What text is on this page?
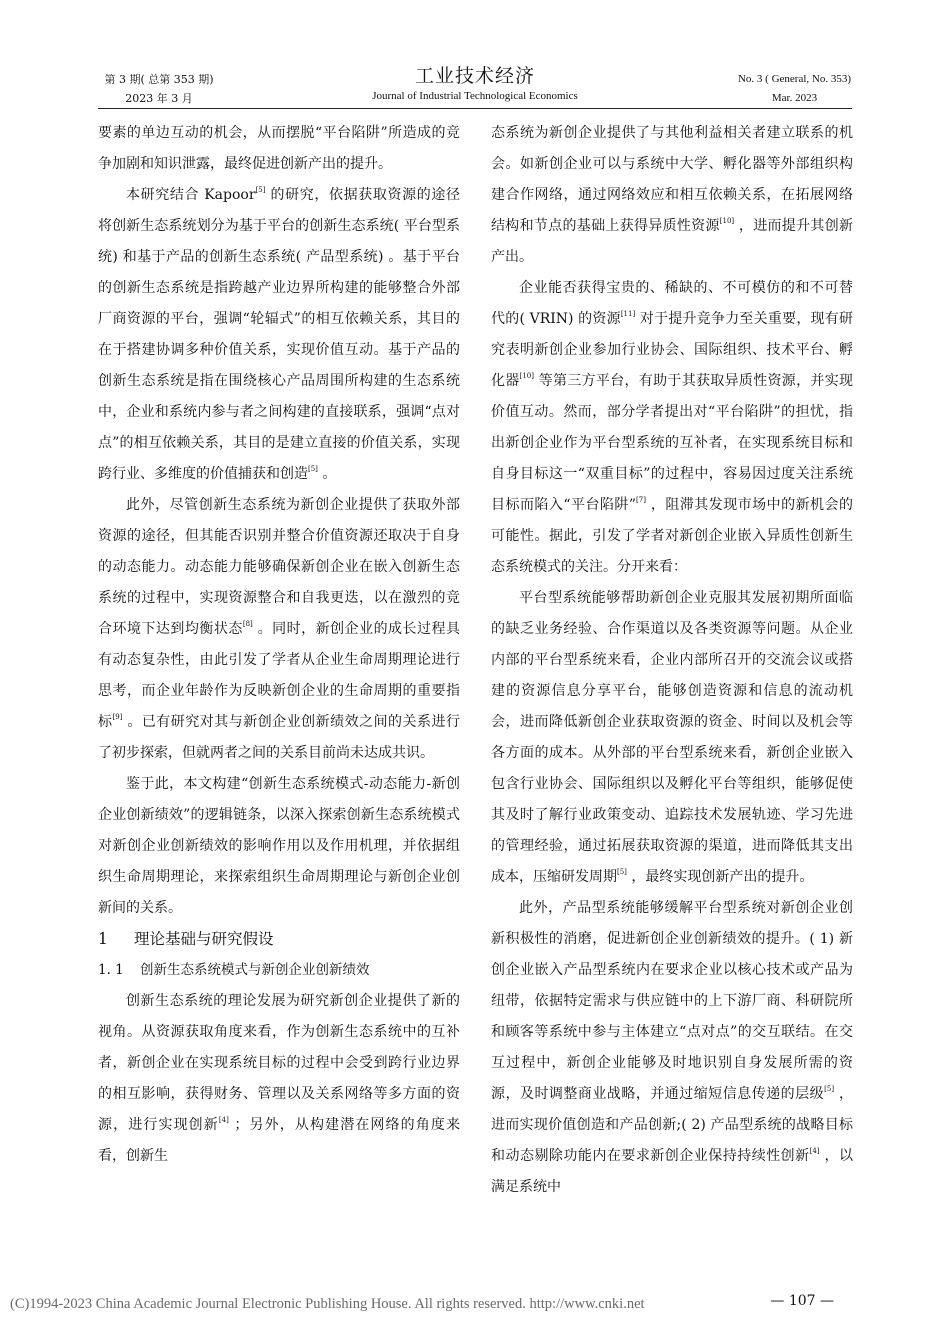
第 3 期( 总第 353 期)
2023 年 3 月
工业技术经济
Journal of Industrial Technological Economics
No. 3 ( General, No. 353)
Mar. 2023

要素的单边互动的机会，从而摆脱“平台陷阱”所造成的竞争加剧和知识泄露，最终促进创新产出的提升。

本研究结合 Kapoor[5] 的研究，依据获取资源的途径将创新生态系统划分为基于平台的创新生态系统( 平台型系统) 和基于产品的创新生态系统( 产品型系统) 。基于平台的创新生态系统是指跨越产业边界所构建的能够整合外部厂商资源的平台，强调“轮辐式”的相互依赖关系，其目的在于搭建协调多种价值关系，实现价值互动。基于产品的创新生态系统是指在围绕核心产品周围所构建的生态系统中，企业和系统内参与者之间构建的直接联系，强调“点对点”的相互依赖关系，其目的是建立直接的价值关系，实现跨行业、多维度的价值捕获和创造[5] 。

此外，尽管创新生态系统为新创企业提供了获取外部资源的途径，但其能否识别并整合价值资源还取决于自身的动态能力。动态能力能够确保新创企业在嵌入创新生态系统的过程中，实现资源整合和自我更迭，以在激烈的竞合环境下达到均衡状态[8] 。同时，新创企业的成长过程具有动态复杂性，由此引发了学者从企业生命周期理论进行思考，而企业年龄作为反映新创企业的生命周期的重要指标[9] 。已有研究对其与新创企业创新绩效之间的关系进行了初步探索，但就两者之间的关系目前尚未达成共识。

鉴于此，本文构建“创新生态系统模式-动态能力-新创企业创新绩效”的逻辑链条，以深入探索创新生态系统模式对新创企业创新绩效的影响作用以及作用机理，并依据组织生命周期理论，来探索组织生命周期理论与新创企业创新间的关系。

1 理论基础与研究假设

1. 1 创新生态系统模式与新创企业创新绩效

创新生态系统的理论发展为研究新创企业提供了新的视角。从资源获取角度来看，作为创新生态系统中的互补者，新创企业在实现系统目标的过程中会受到跨行业边界的相互影响，获得财务、管理以及关系网络等多方面的资源，进行实现创新[4] ；另外，从构建潜在网络的角度来看，创新生

态系统为新创企业提供了与其他利益相关者建立联系的机会。如新创企业可以与系统中大学、孵化器等外部组织构建合作网络，通过网络效应和相互依赖关系，在拓展网络结构和节点的基础上获得异质性资源[10] ，进而提升其创新产出。

企业能否获得宝贵的、稀缺的、不可模仿的和不可替代的( VRIN) 的资源[11] 对于提升竞争力至关重要，现有研究表明新创企业参加行业协会、国际组织、技术平台、孵化器[10] 等第三方平台，有助于其获取异质性资源，并实现价值互动。然而，部分学者提出对“平台陷阱”的担忧，指出新创企业作为平台型系统的互补者，在实现系统目标和自身目标这一“双重目标”的过程中，容易因过度关注系统目标而陷入“平台陷阱”[7] ，阻滞其发现市场中的新机会的可能性。据此，引发了学者对新创企业嵌入异质性创新生态系统模式的关注。分开来看：

平台型系统能够帮助新创企业克服其发展初期所面临的缺乏业务经验、合作渠道以及各类资源等问题。从企业内部的平台型系统来看，企业内部所召开的交流会议或搭建的资源信息分享平台，能够创造资源和信息的流动机会，进而降低新创企业获取资源的资金、时间以及机会等各方面的成本。从外部的平台型系统来看，新创企业嵌入包含行业协会、国际组织以及孵化平台等组织，能够促使其及时了解行业政策变动、追踪技术发展轨迹、学习先进的管理经验，通过拓展获取资源的渠道，进而降低其支出成本，压缩研发周期[5] ，最终实现创新产出的提升。

此外，产品型系统能够缓解平台型系统对新创企业创新积极性的消磨，促进新创企业创新绩效的提升。( 1) 新创企业嵌入产品型系统内在要求企业以核心技术或产品为纽带，依据特定需求与供应链中的上下游厂商、科研院所和顾客等系统中参与主体建立“点对点”的交互联结。在交互过程中，新创企业能够及时地识别自身发展所需的资源，及时调整商业战略，并通过缩短信息传递的层级[5] ，进而实现价值创造和产品创新;( 2) 产品型系统的战略目标和动态剔除功能内在要求新创企业保持持续性创新[4] ，以满足系统中

— 107 —
(C)1994-2023 China Academic Journal Electronic Publishing House. All rights reserved. http://www.cnki.net
